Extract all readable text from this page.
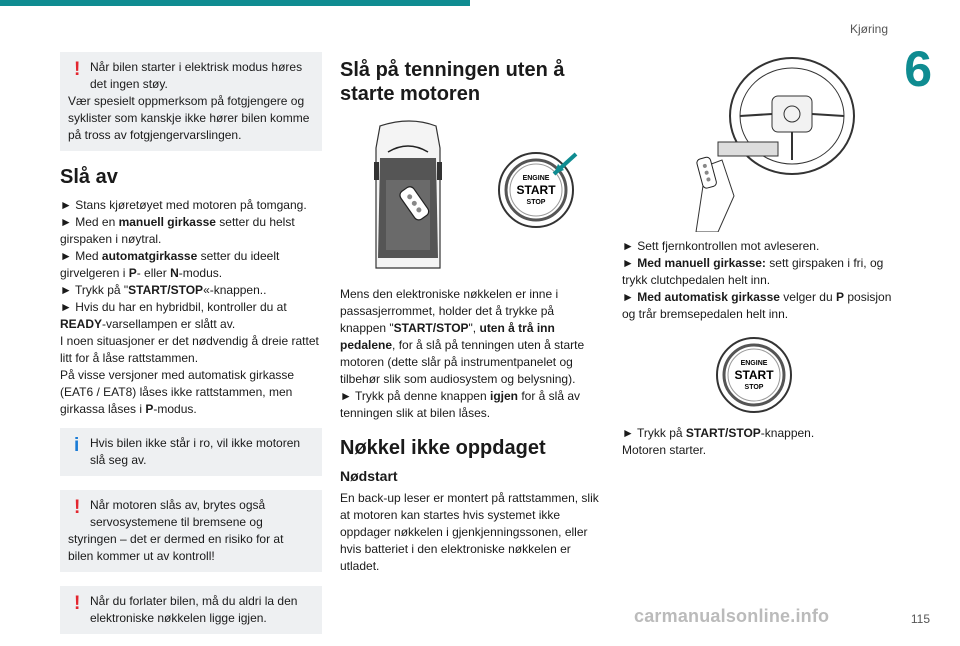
Kjøring
6
! Når bilen starter i elektrisk modus høres det ingen støy.
Vær spesielt oppmerksom på fotgjengere og syklister som kanskje ikke hører bilen komme på tross av fotgjengervarslingen.
Slå av

► Stans kjøretøyet med motoren på tomgang.

► Med en manuell girkasse setter du helst girspaken i nøytral.

► Med automatgirkasse setter du ideelt girvelgeren i P- eller N-modus.

► Trykk på "START/STOP«-knappen..

► Hvis du har en hybridbil, kontroller du at READY-varsellampen er slått av.

I noen situasjoner er det nødvendig å dreie rattet litt for å låse rattstammen.

På visse versjoner med automatisk girkasse (EAT6 / EAT8) låses ikke rattstammen, men girkassa låses i P-modus.

i Hvis bilen ikke står i ro, vil ikke motoren slå seg av.
! Når motoren slås av, brytes også servosystemene til bremsene og
styringen – det er dermed en risiko for at bilen kommer ut av kontroll!
! Når du forlater bilen, må du aldri la den elektroniske nøkkelen ligge igjen.
Slå på tenningen uten å starte motoren
ENGINE
START
STOP

Mens den elektroniske nøkkelen er inne i passasjerrommet, holder det å trykke på knappen "START/STOP", uten å trå inn pedalene, for å slå på tenningen uten å starte motoren (dette slår på instrumentpanelet og tilbehør slik som audiosystem og belysning).

► Trykk på denne knappen igjen for å slå av tenningen slik at bilen låses.

Nøkkel ikke oppdaget
Nødstart

En back-up leser er montert på rattstammen, slik at motoren kan startes hvis systemet ikke oppdager nøkkelen i gjenkjenningssonen, eller hvis batteriet i den elektroniske nøkkelen er utladet.

► Sett fjernkontrollen mot avleseren.

► Med manuell girkasse: sett girspaken i fri, og trykk clutchpedalen helt inn.

► Med automatisk girkasse velger du P posisjon og trår bremsepedalen helt inn.

ENGINE
START
STOP

► Trykk på START/STOP-knappen.

Motoren starter.

carmanualsonline.info	115
